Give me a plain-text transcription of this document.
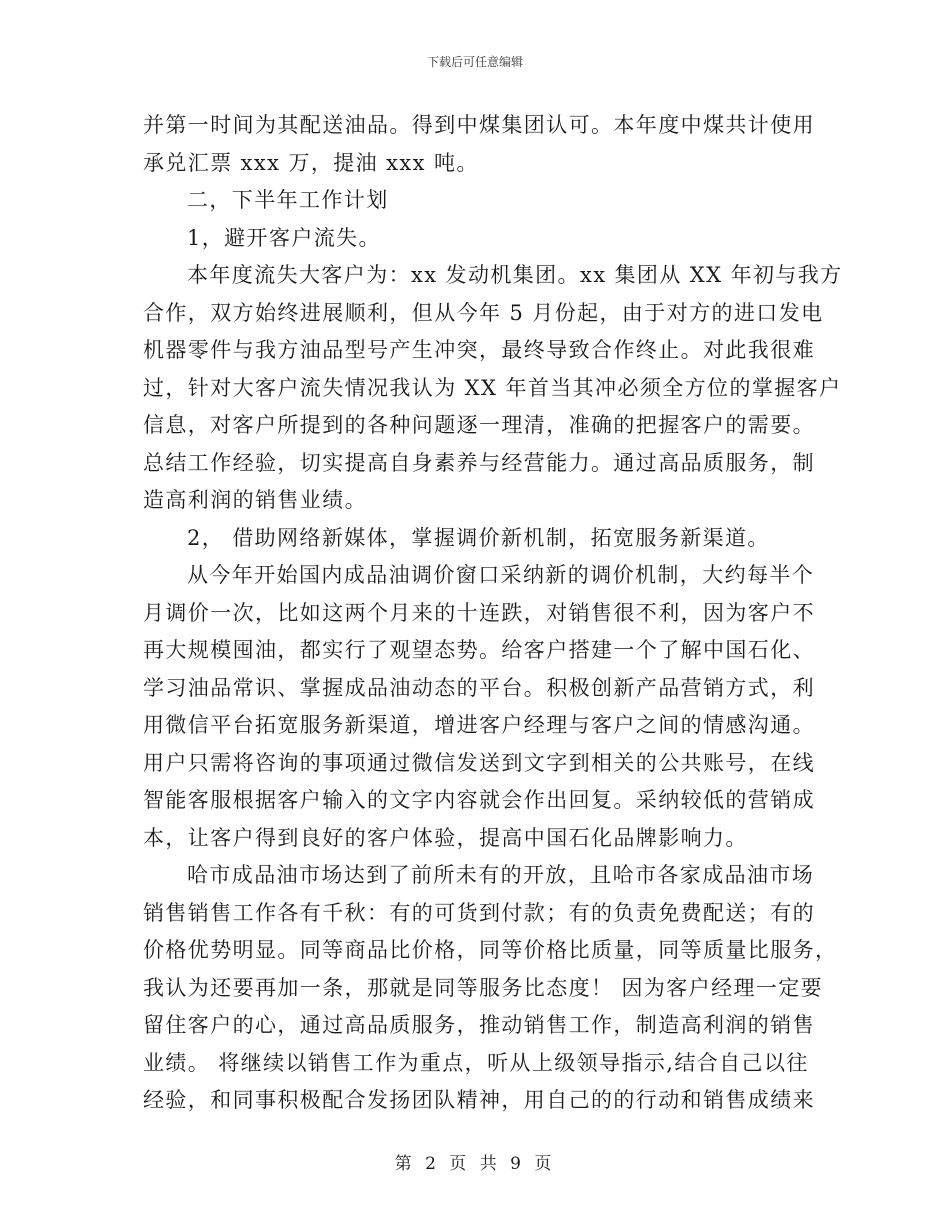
下载后可任意编辑
并第一时间为其配送油品。得到中煤集团认可。本年度中煤共计使用
承兑汇票 xxx 万，提油 xxx 吨。
二，下半年工作计划
1，避开客户流失。
本年度流失大客户为：xx 发动机集团。xx 集团从 XX 年初与我方
合作，双方始终进展顺利，但从今年 5 月份起，由于对方的进口发电
机器零件与我方油品型号产生冲突，最终导致合作终止。对此我很难
过，针对大客户流失情况我认为 XX 年首当其冲必须全方位的掌握客户
信息，对客户所提到的各种问题逐一理清，准确的把握客户的需要。
总结工作经验，切实提高自身素养与经营能力。通过高品质服务，制
造高利润的销售业绩。
2， 借助网络新媒体，掌握调价新机制，拓宽服务新渠道。
从今年开始国内成品油调价窗口采纳新的调价机制，大约每半个
月调价一次，比如这两个月来的十连跌，对销售很不利，因为客户不
再大规模囤油，都实行了观望态势。给客户搭建一个了解中国石化、
学习油品常识、掌握成品油动态的平台。积极创新产品营销方式，利
用微信平台拓宽服务新渠道，增进客户经理与客户之间的情感沟通。
用户只需将咨询的事项通过微信发送到文字到相关的公共账号，在线
智能客服根据客户输入的文字内容就会作出回复。采纳较低的营销成
本，让客户得到良好的客户体验，提高中国石化品牌影响力。
哈市成品油市场达到了前所未有的开放，且哈市各家成品油市场
销售销售工作各有千秋：有的可货到付款；有的负责免费配送；有的
价格优势明显。同等商品比价格，同等价格比质量，同等质量比服务，
我认为还要再加一条，那就是同等服务比态度！ 因为客户经理一定要
留住客户的心，通过高品质服务，推动销售工作，制造高利润的销售
业绩。 将继续以销售工作为重点，听从上级领导指示,结合自己以往
经验，和同事积极配合发扬团队精神，用自己的的行动和销售成绩来
第 2 页 共 9 页
